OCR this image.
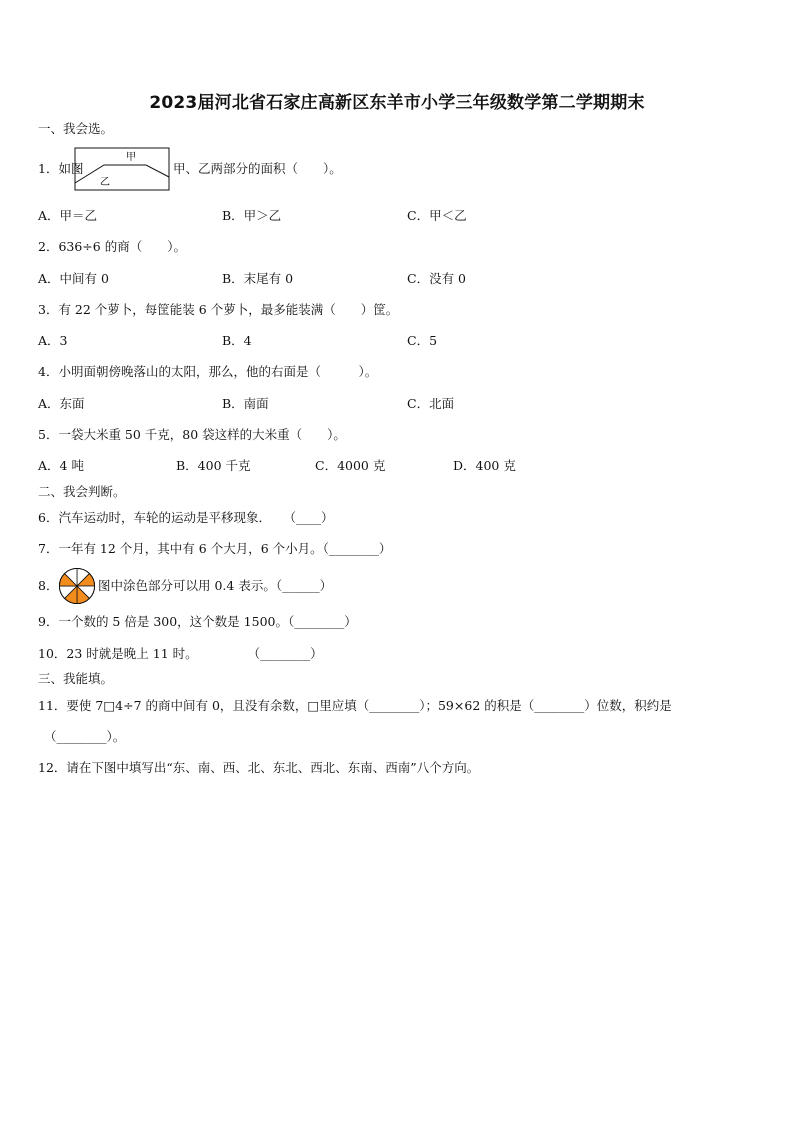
2023届河北省石家庄高新区东羊市小学三年级数学第二学期期末
一、我会选。
1．如图
甲
乙
甲、乙两部分的面积（　　）。
A．甲＝乙	B．甲＞乙	C．甲＜乙
2．636÷6 的商（　　）。
A．中间有 0	B．末尾有 0	C．没有 0
3．有 22 个萝卜，每筐能装 6 个萝卜，最多能装满（　　）筐。
A．3	B．4	C．5
4．小明面朝傍晚落山的太阳，那么，他的右面是（　　　）。
A．东面	B．南面	C．北面
5．一袋大米重 50 千克，80 袋这样的大米重（　　）。
A．4 吨	B．400 千克	C．4000 克	D．400 克
二、我会判断。
6．汽车运动时，车轮的运动是平移现象．　　（____）
7．一年有 12 个月，其中有 6 个大月，6 个小月。（________）
8．	图中涂色部分可以用 0.4 表示。（______）
9．一个数的 5 倍是 300，这个数是 1500。（________）
10．23 时就是晚上 11 时。　　　　　（________）
三、我能填。
11．要使 7□4÷7 的商中间有 0，且没有余数，□里应填（________）；59×62 的积是（________）位数，积约是
（________）。
12．请在下图中填写出“东、南、西、北、东北、西北、东南、西南”八个方向。
